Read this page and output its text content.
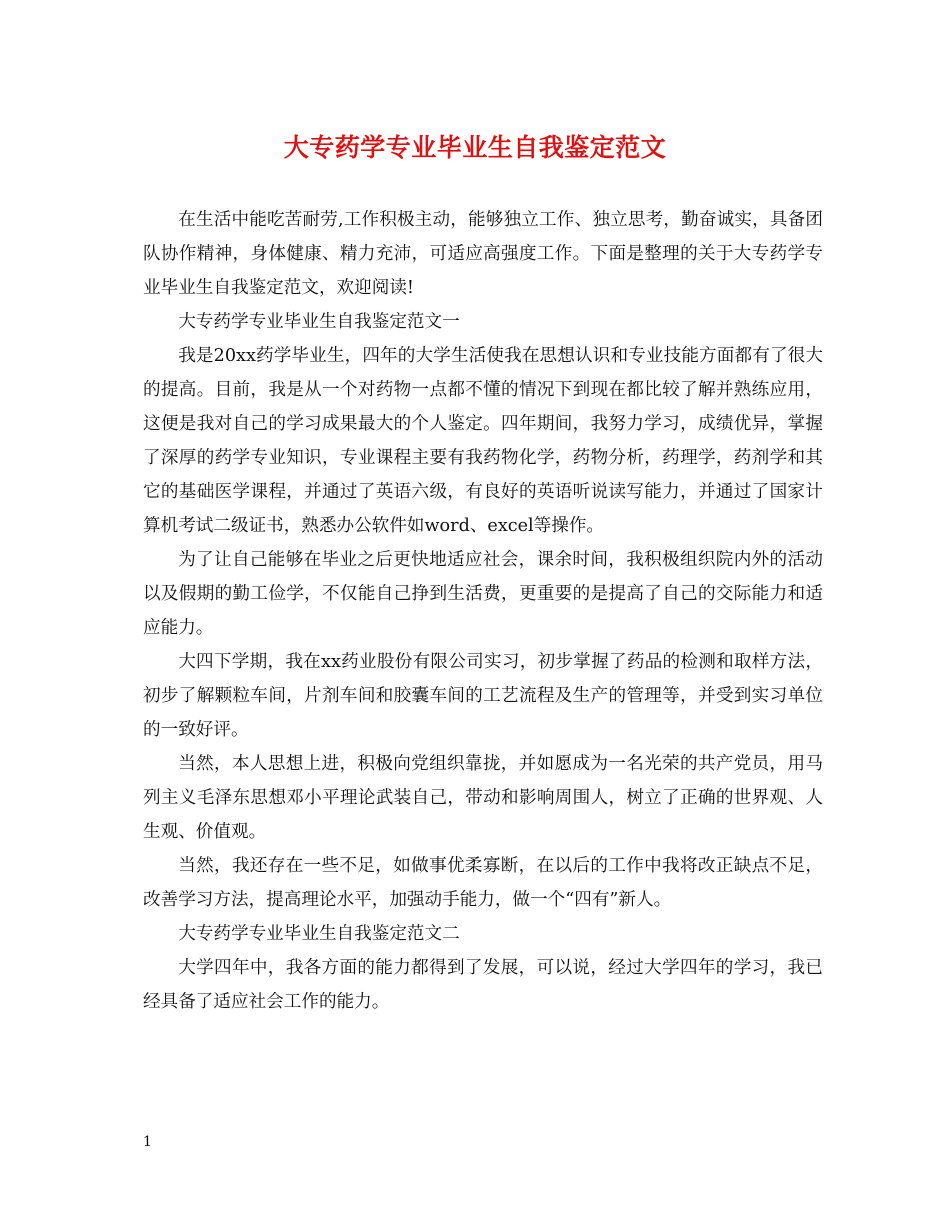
大专药学专业毕业生自我鉴定范文

在生活中能吃苦耐劳,工作积极主动，能够独立工作、独立思考，勤奋诚实，具备团队协作精神，身体健康、精力充沛，可适应高强度工作。下面是整理的关于大专药学专业毕业生自我鉴定范文，欢迎阅读!

大专药学专业毕业生自我鉴定范文一

我是20xx药学毕业生，四年的大学生活使我在思想认识和专业技能方面都有了很大的提高。目前，我是从一个对药物一点都不懂的情况下到现在都比较了解并熟练应用，这便是我对自己的学习成果最大的个人鉴定。四年期间，我努力学习，成绩优异，掌握了深厚的药学专业知识，专业课程主要有我药物化学，药物分析，药理学，药剂学和其它的基础医学课程，并通过了英语六级，有良好的英语听说读写能力，并通过了国家计算机考试二级证书，熟悉办公软件如word、excel等操作。

为了让自己能够在毕业之后更快地适应社会，课余时间，我积极组织院内外的活动以及假期的勤工俭学，不仅能自己挣到生活费，更重要的是提高了自己的交际能力和适应能力。

大四下学期，我在xx药业股份有限公司实习，初步掌握了药品的检测和取样方法，初步了解颗粒车间，片剂车间和胶囊车间的工艺流程及生产的管理等，并受到实习单位的一致好评。

当然，本人思想上进，积极向党组织靠拢，并如愿成为一名光荣的共产党员，用马列主义毛泽东思想邓小平理论武装自己，带动和影响周围人，树立了正确的世界观、人生观、价值观。

当然，我还存在一些不足，如做事优柔寡断，在以后的工作中我将改正缺点不足，改善学习方法，提高理论水平，加强动手能力，做一个“四有”新人。

大专药学专业毕业生自我鉴定范文二

大学四年中，我各方面的能力都得到了发展，可以说，经过大学四年的学习，我已经具备了适应社会工作的能力。

1
